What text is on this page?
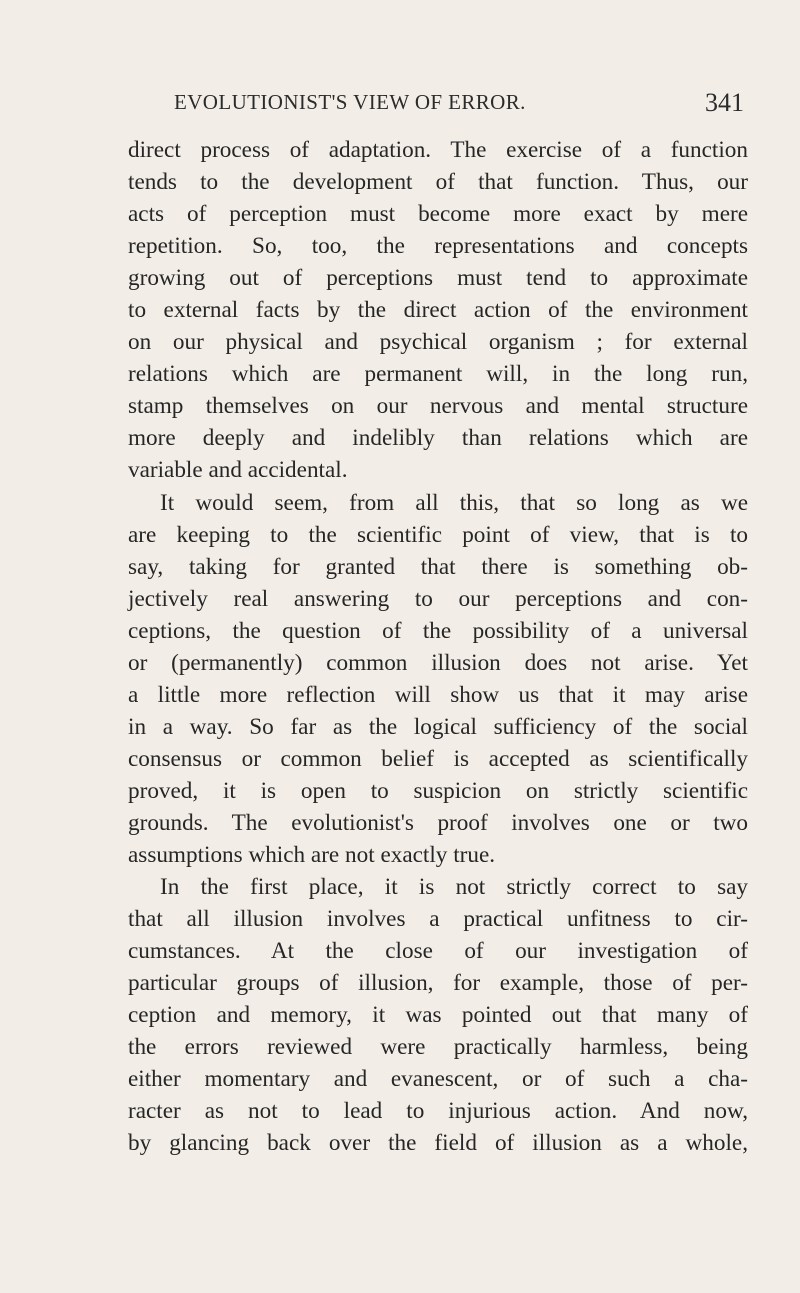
EVOLUTIONIST'S VIEW OF ERROR.	341
direct process of adaptation. The exercise of a function
tends to the development of that function. Thus, our
acts of perception must become more exact by mere
repetition. So, too, the representations and concepts
growing out of perceptions must tend to approximate
to external facts by the direct action of the environment
on our physical and psychical organism ; for external
relations which are permanent will, in the long run,
stamp themselves on our nervous and mental structure
more deeply and indelibly than relations which are
variable and accidental.
It would seem, from all this, that so long as we
are keeping to the scientific point of view, that is to
say, taking for granted that there is something ob-
jectively real answering to our perceptions and con-
ceptions, the question of the possibility of a universal
or (permanently) common illusion does not arise. Yet
a little more reflection will show us that it may arise
in a way. So far as the logical sufficiency of the social
consensus or common belief is accepted as scientifically
proved, it is open to suspicion on strictly scientific
grounds. The evolutionist's proof involves one or two
assumptions which are not exactly true.
In the first place, it is not strictly correct to say
that all illusion involves a practical unfitness to cir-
cumstances. At the close of our investigation of
particular groups of illusion, for example, those of per-
ception and memory, it was pointed out that many of
the errors reviewed were practically harmless, being
either momentary and evanescent, or of such a cha-
racter as not to lead to injurious action. And now,
by glancing back over the field of illusion as a whole,
